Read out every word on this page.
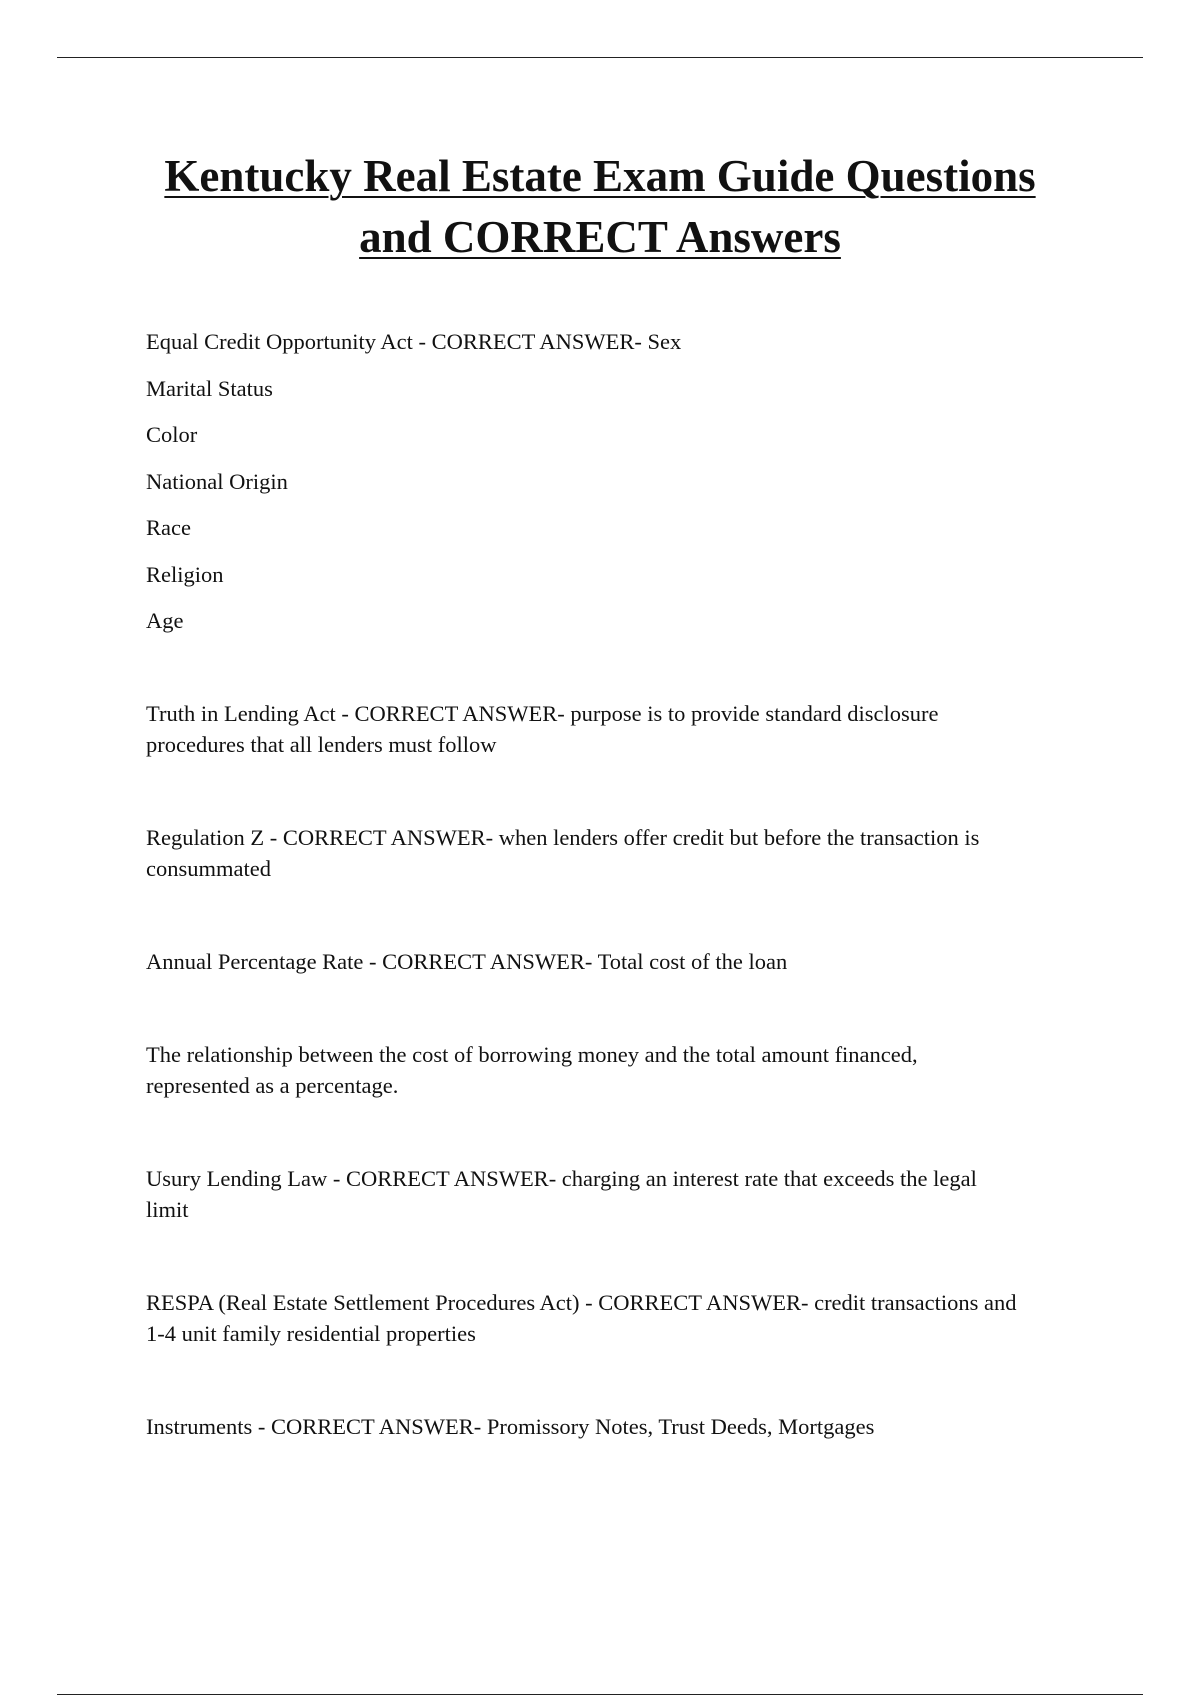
Kentucky Real Estate Exam Guide Questions
and CORRECT Answers
Equal Credit Opportunity Act - CORRECT ANSWER- Sex
Marital Status
Color
National Origin
Race
Religion
Age
Truth in Lending Act - CORRECT ANSWER- purpose is to provide standard disclosure
procedures that all lenders must follow
Regulation Z - CORRECT ANSWER- when lenders offer credit but before the transaction is
consummated
Annual Percentage Rate - CORRECT ANSWER- Total cost of the loan
The relationship between the cost of borrowing money and the total amount financed,
represented as a percentage.
Usury Lending Law - CORRECT ANSWER- charging an interest rate that exceeds the legal
limit
RESPA (Real Estate Settlement Procedures Act) - CORRECT ANSWER- credit transactions and
1-4 unit family residential properties
Instruments - CORRECT ANSWER- Promissory Notes, Trust Deeds, Mortgages
